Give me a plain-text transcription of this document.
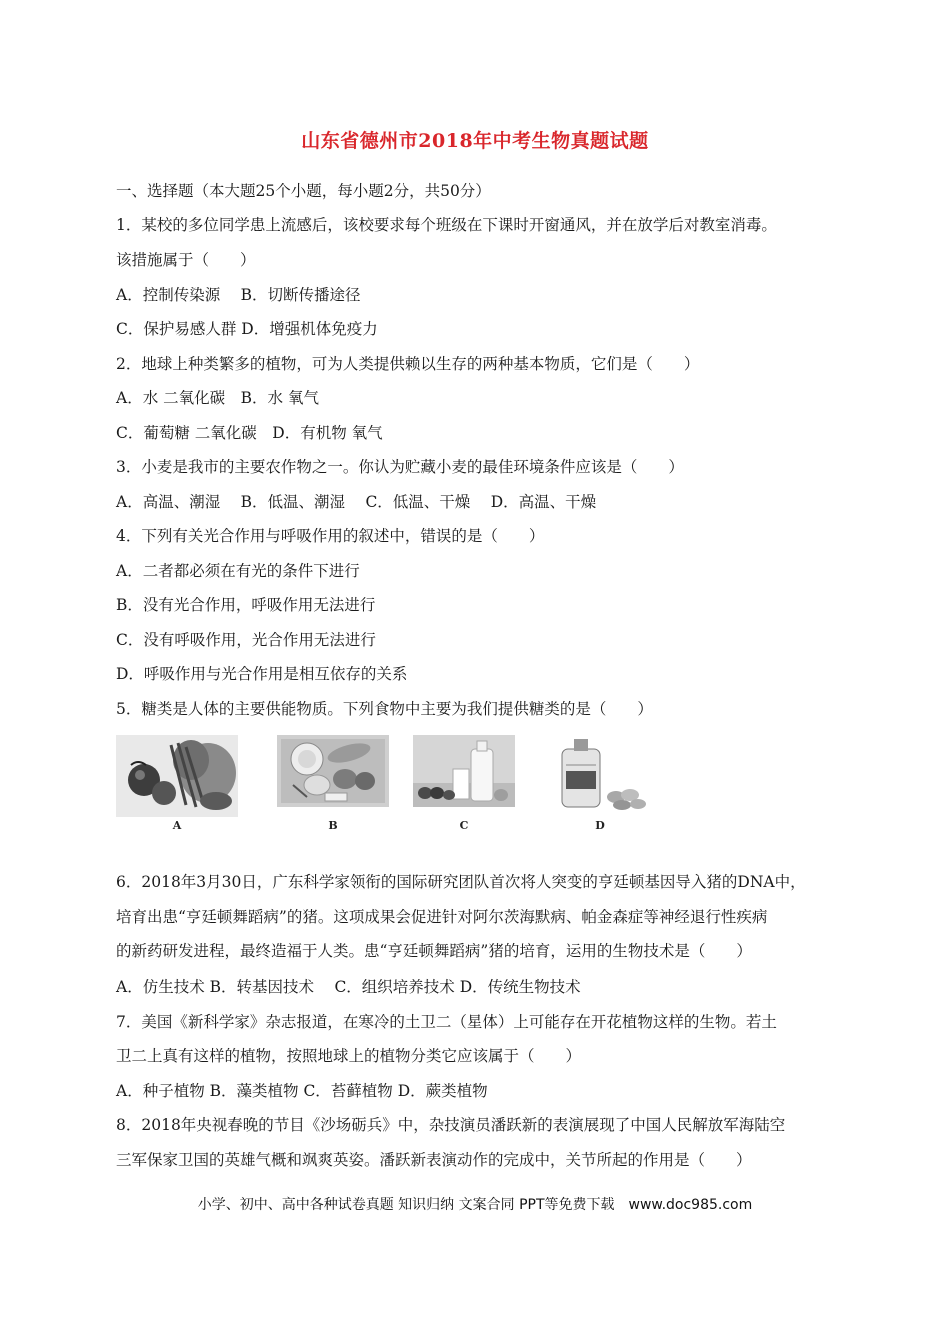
山东省德州市2018年中考生物真题试题
一、选择题（本大题25个小题，每小题2分，共50分）
1．某校的多位同学患上流感后，该校要求每个班级在下课时开窗通风，并在放学后对教室消毒。
该措施属于（　　）
A．控制传染源　 B．切断传播途径
C．保护易感人群 D．增强机体免疫力
2．地球上种类繁多的植物，可为人类提供赖以生存的两种基本物质，它们是（　　）
A．水 二氧化碳　B．水 氧气
C．葡萄糖 二氧化碳　D．有机物 氧气
3．小麦是我市的主要农作物之一。你认为贮藏小麦的最佳环境条件应该是（　　）
A．高温、潮湿　 B．低温、潮湿　 C．低温、干燥　 D．高温、干燥
4．下列有关光合作用与呼吸作用的叙述中，错误的是（　　）
A．二者都必须在有光的条件下进行
B．没有光合作用，呼吸作用无法进行
C．没有呼吸作用，光合作用无法进行
D．呼吸作用与光合作用是相互依存的关系
5．糖类是人体的主要供能物质。下列食物中主要为我们提供糖类的是（　　）
A	B	C	D
6．2018年3月30日，广东科学家领衔的国际研究团队首次将人突变的亨廷顿基因导入猪的DNA中，
培育出患“亨廷顿舞蹈病”的猪。这项成果会促进针对阿尔茨海默病、帕金森症等神经退行性疾病
的新药研发进程，最终造福于人类。患“亨廷顿舞蹈病”猪的培育，运用的生物技术是（　　）
A．仿生技术 B．转基因技术　 C．组织培养技术 D．传统生物技术
7．美国《新科学家》杂志报道，在寒冷的土卫二（星体）上可能存在开花植物这样的生物。若土
卫二上真有这样的植物，按照地球上的植物分类它应该属于（　　）
A．种子植物 B．藻类植物 C．苔藓植物 D．蕨类植物
8．2018年央视春晚的节目《沙场砺兵》中，杂技演员潘跃新的表演展现了中国人民解放军海陆空
三军保家卫国的英雄气概和飒爽英姿。潘跃新表演动作的完成中，关节所起的作用是（　　）
小学、初中、高中各种试卷真题 知识归纳 文案合同 PPT等免费下载　www.doc985.com
